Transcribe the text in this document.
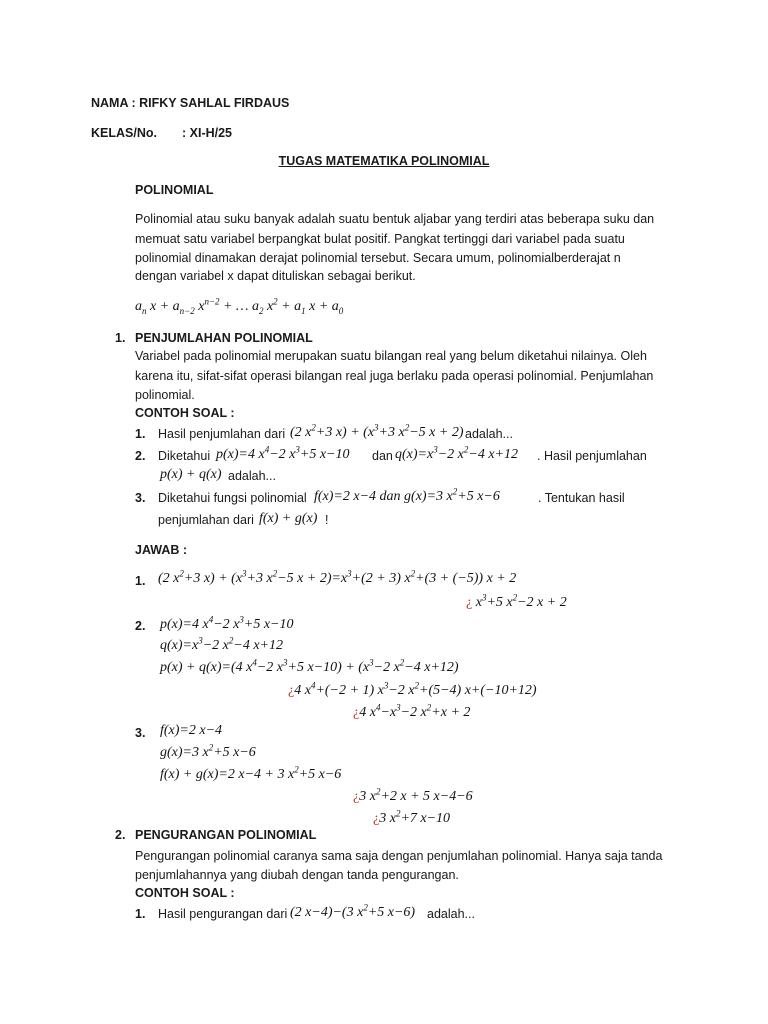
NAMA : RIFKY SAHLAL FIRDAUS
KELAS/No. : XI-H/25
TUGAS MATEMATIKA POLINOMIAL
POLINOMIAL
Polinomial atau suku banyak adalah suatu bentuk aljabar yang terdiri atas beberapa suku dan
memuat satu variabel berpangkat bulat positif. Pangkat tertinggi dari variabel pada suatu
polinomial dinamakan derajat polinomial tersebut. Secara umum, polinomialberderajat n
dengan variabel x dapat dituliskan sebagai berikut.
$a_n$ $x + a_{n-2}$ $x^{n-2}$ + … $a_2$ $x^2 + a_1$ $x + a_0$
1. PENJUMLAHAN POLINOMIAL
Variabel pada polinomial merupakan suatu bilangan real yang belum diketahui nilainya. Oleh
karena itu, sifat-sifat operasi bilangan real juga berlaku pada operasi polinomial. Penjumlahan
polinomial.
CONTOH SOAL :
1. Hasil penjumlahan dari (2 $x^2+3$ $x) + (x^3+3$ $x^2-5$ x + 2) adalah...
2. Diketahui p(x)=4 $x^4-2$ $x^3+5$ x−10 dan $q(x)=x^3-2$ $x^2-4$ x+12 . Hasil penjumlahan
p(x) + q(x) adalah...
3. Diketahui fungsi polinomial f(x)=2 x−4 dan g(x)=3 $x^2+5$ x−6	. Tentukan hasil
penjumlahan dari f(x) + g(x) !
JAWAB :
1. (2 $x^2+3$ $x) + (x^3+3$ $x^2-5$ $x + 2)=x^3+(2 + 3)$ $x^2+(3 + (-5)) x + 2$
¿ $x^3+5$ $x^2-2$ x + 2
2. p(x)=4 $x^4-2$ $x^3+5$ x−10
$q(x)=x^3-2$ $x^2-4$ x+12
p(x) + q(x)=(4 $x^4-2$ $x^3+5$ $x-10) + (x^3-2$ $x^2-4$ x+12)
¿4 $x^4+(-2 + 1)$ $x^3-2$ $x^2+(5-4)$ x+(−10+12)
¿4 $x^4-x^3-2$ $x^2+x + 2$
3. f(x)=2 x−4
g(x)=3 $x^2+5$ x−6
f(x) + g(x)=2 x−4 + 3 $x^2+5$ x−6
¿3 $x^2+2$ x + 5 x−4−6
¿3 $x^2+7$ x−10
2. PENGURANGAN POLINOMIAL
Pengurangan polinomial caranya sama saja dengan penjumlahan polinomial. Hanya saja tanda
penjumlahannya yang diubah dengan tanda pengurangan.
CONTOH SOAL :
1. Hasil pengurangan dari (2 x−4)−(3 $x^2+5$ x−6) adalah...
